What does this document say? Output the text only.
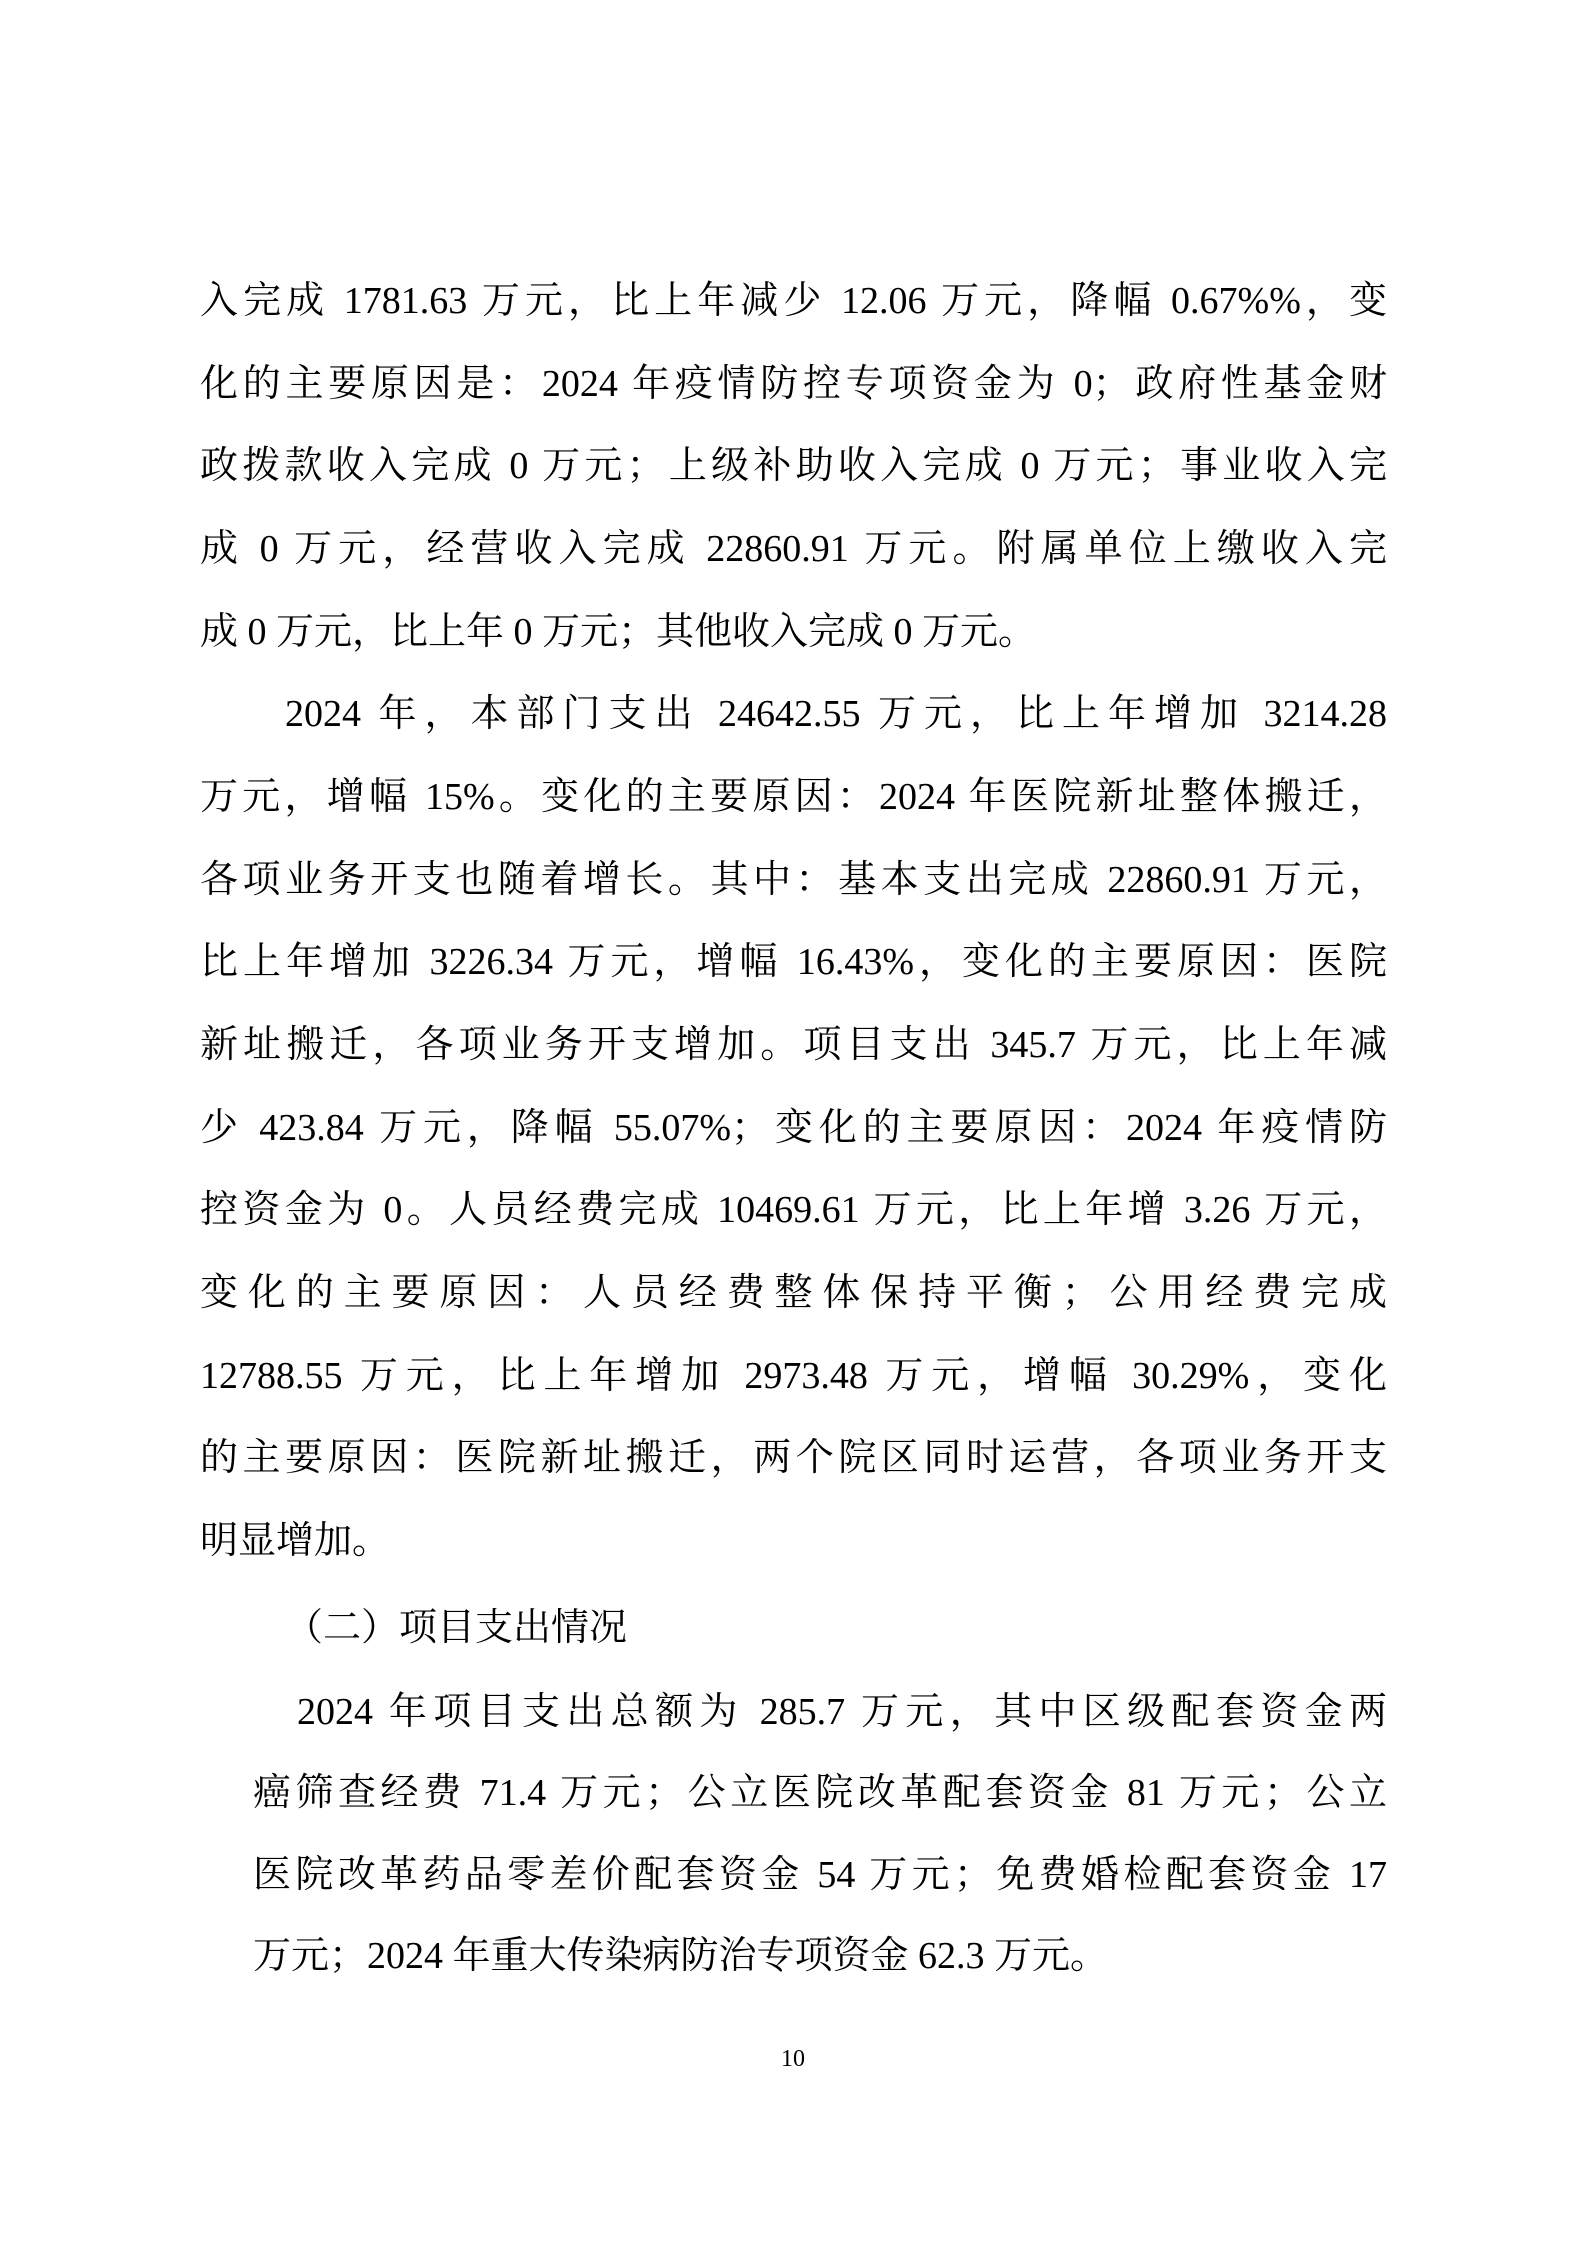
入完成 1781.63 万元，比上年减少 12.06 万元，降幅 0.67%%，变
化的主要原因是：2024 年疫情防控专项资金为 0；政府性基金财
政拨款收入完成 0 万元；上级补助收入完成 0 万元；事业收入完
成 0 万元，经营收入完成 22860.91 万元。附属单位上缴收入完
成 0 万元，比上年 0 万元；其他收入完成 0 万元。
2024 年，本部门支出 24642.55 万元，比上年增加 3214.28
万元，增幅 15%。变化的主要原因：2024 年医院新址整体搬迁，
各项业务开支也随着增长。其中：基本支出完成 22860.91 万元，
比上年增加 3226.34 万元，增幅 16.43%，变化的主要原因：医院
新址搬迁，各项业务开支增加。项目支出 345.7 万元，比上年减
少 423.84 万元，降幅 55.07%；变化的主要原因：2024 年疫情防
控资金为 0。人员经费完成 10469.61 万元，比上年增 3.26 万元，
变化的主要原因：人员经费整体保持平衡；公用经费完成
12788.55 万元，比上年增加 2973.48 万元，增幅 30.29%，变化
的主要原因：医院新址搬迁，两个院区同时运营，各项业务开支
明显增加。
（二）项目支出情况
2024 年项目支出总额为 285.7 万元，其中区级配套资金两
癌筛查经费 71.4 万元；公立医院改革配套资金 81 万元；公立
医院改革药品零差价配套资金 54 万元；免费婚检配套资金 17
万元；2024 年重大传染病防治专项资金 62.3 万元。
10
